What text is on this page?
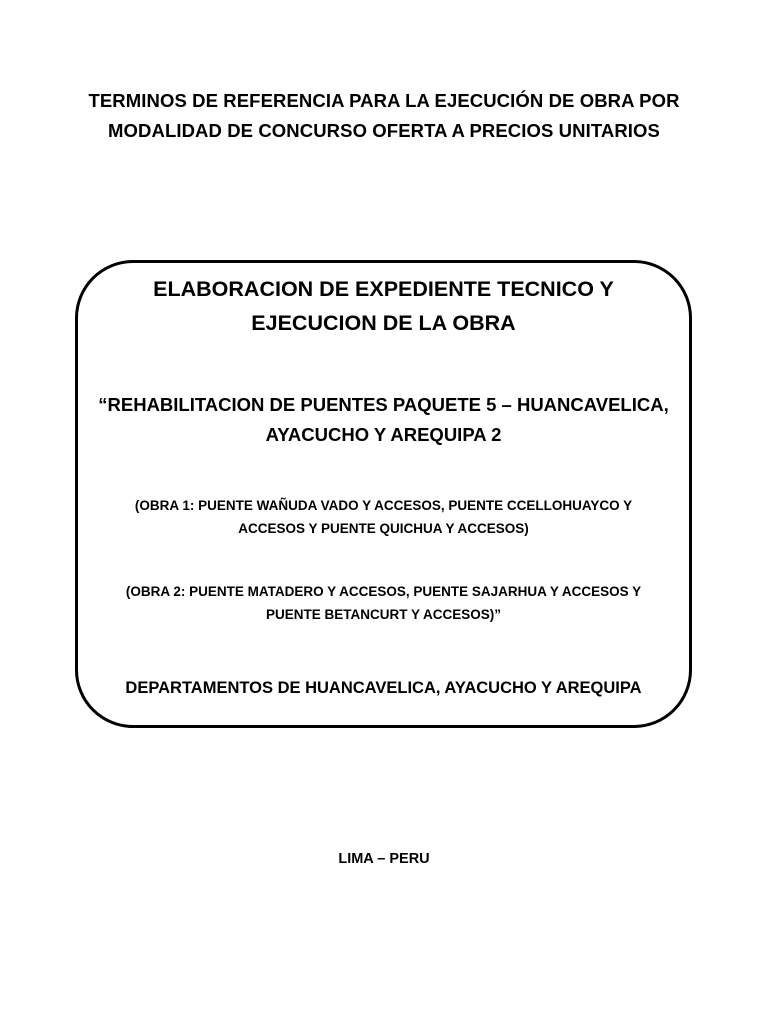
TERMINOS DE REFERENCIA PARA LA EJECUCIÓN DE OBRA POR
MODALIDAD DE CONCURSO OFERTA A PRECIOS UNITARIOS
ELABORACION DE EXPEDIENTE TECNICO Y
EJECUCION DE LA OBRA
“REHABILITACION DE PUENTES PAQUETE 5 – HUANCAVELICA,
AYACUCHO Y AREQUIPA 2
(OBRA 1: PUENTE WAÑUDA VADO Y ACCESOS, PUENTE CCELLOHUAYCO Y
ACCESOS Y PUENTE QUICHUA Y ACCESOS)
(OBRA 2: PUENTE MATADERO Y ACCESOS, PUENTE SAJARHUA Y ACCESOS Y
PUENTE BETANCURT Y ACCESOS)”
DEPARTAMENTOS DE HUANCAVELICA, AYACUCHO Y AREQUIPA
LIMA – PERU
